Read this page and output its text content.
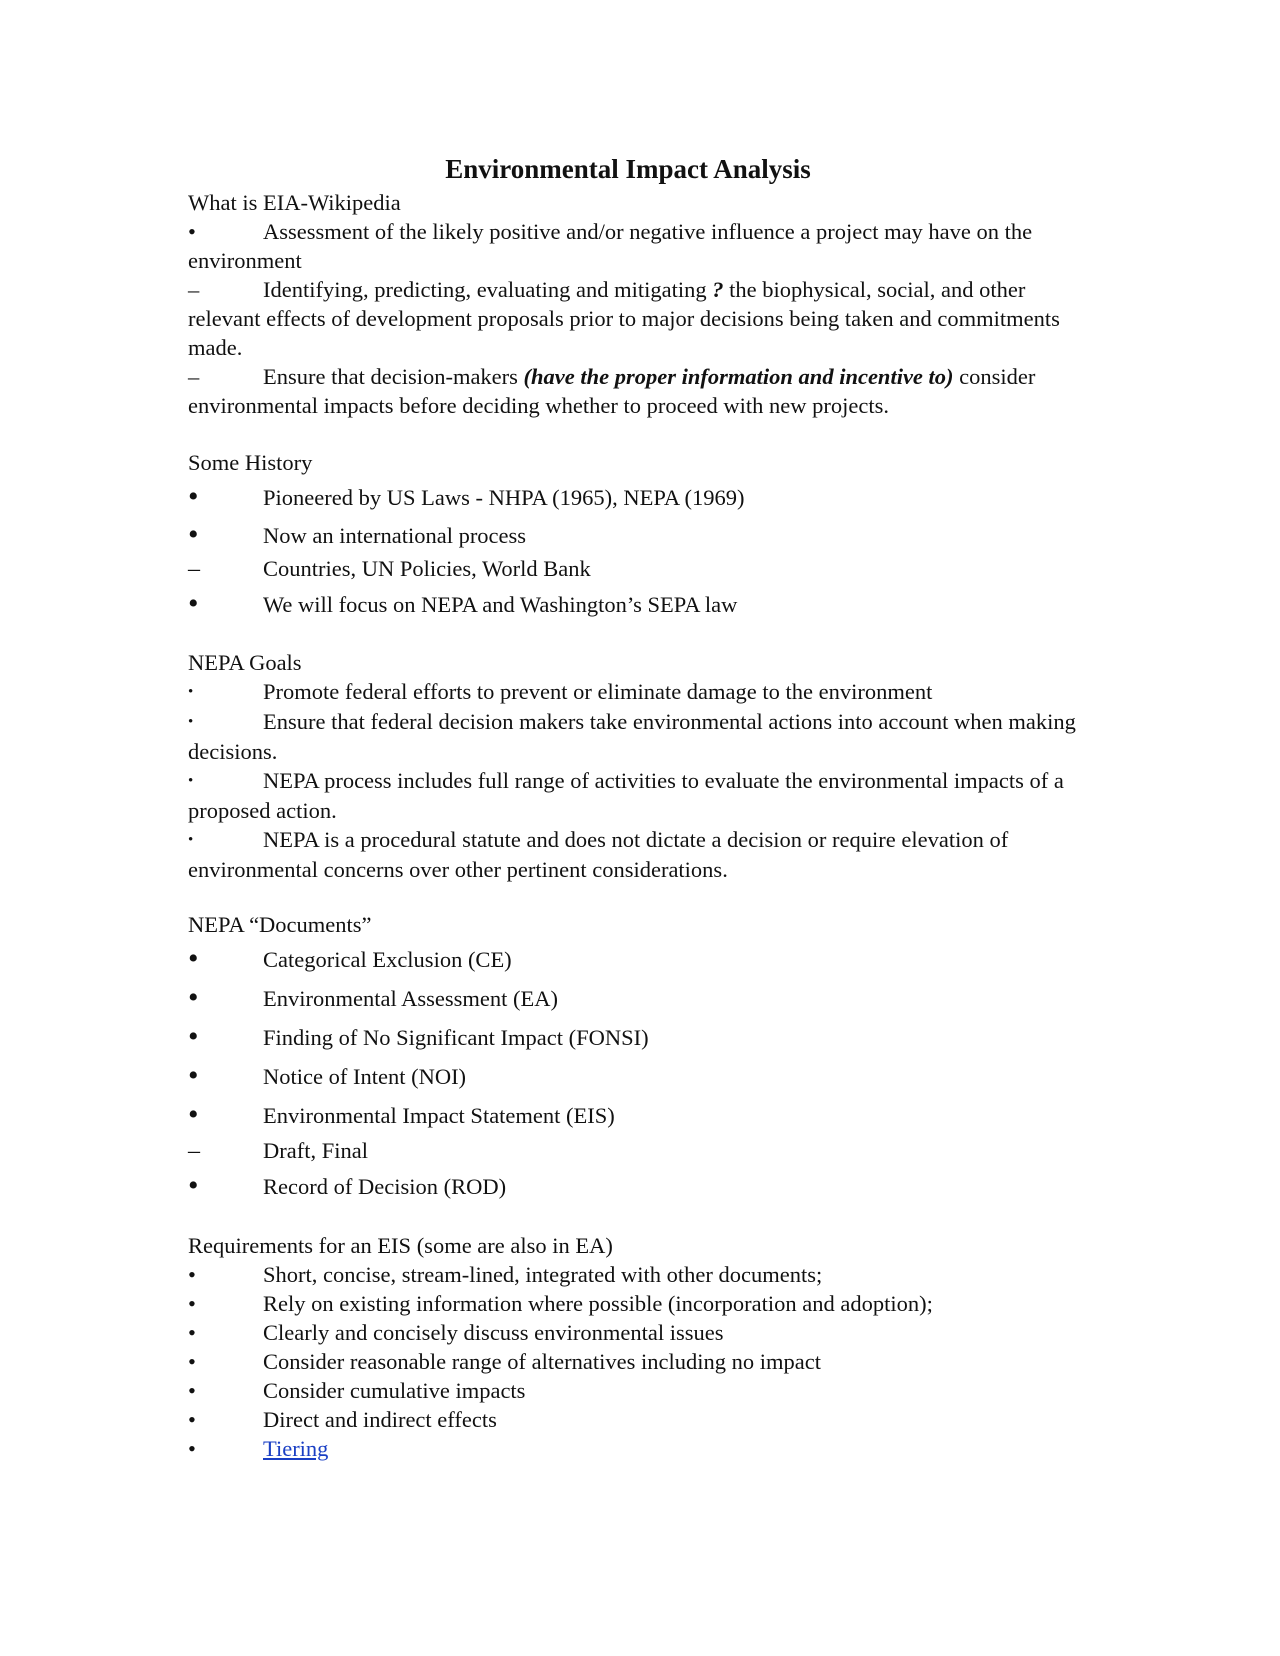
Environmental Impact Analysis

What is EIA-Wikipedia

•	Assessment of the likely positive and/or negative influence a project may have on the environment

–	Identifying, predicting, evaluating and mitigating ? the biophysical, social, and other relevant effects of development proposals prior to major decisions being taken and commitments made.

–	Ensure that decision-makers (have the proper information and incentive to) consider environmental impacts before deciding whether to proceed with new projects.

Some History

•	Pioneered by US Laws - NHPA (1965), NEPA (1969)

•	Now an international process

–	Countries, UN Policies, World Bank

•	We will focus on NEPA and Washington’s SEPA law

NEPA Goals

•	Promote federal efforts to prevent or eliminate damage to the environment

•	Ensure that federal decision makers take environmental actions into account when making decisions.

•	NEPA process includes full range of activities to evaluate the environmental impacts of a proposed action.

•	NEPA is a procedural statute and does not dictate a decision or require elevation of environmental concerns over other pertinent considerations.

NEPA “Documents”

•	Categorical Exclusion (CE)

•	Environmental Assessment (EA)

•	Finding of No Significant Impact (FONSI)

•	Notice of Intent (NOI)

•	Environmental Impact Statement (EIS)

–	Draft, Final

•	Record of Decision (ROD)

Requirements for an EIS (some are also in EA)

•	Short, concise, stream-lined, integrated with other documents;

•	Rely on existing information where possible (incorporation and adoption);

•	Clearly and concisely discuss environmental issues

•	Consider reasonable range of alternatives including no impact

•	Consider cumulative impacts

•	Direct and indirect effects

•	Tiering
